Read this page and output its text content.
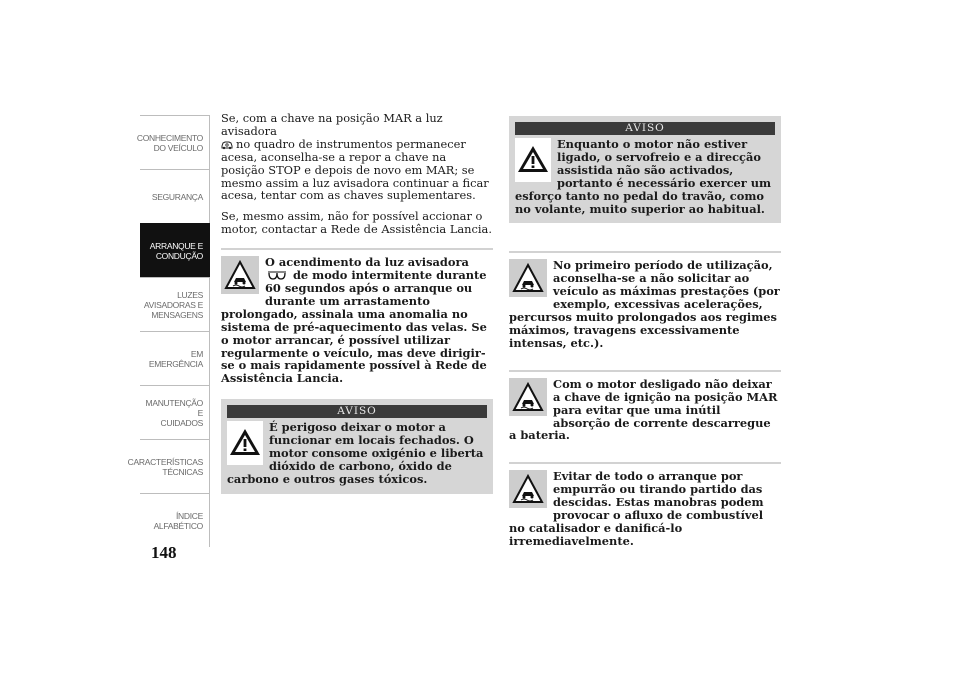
CONHECIMENTO
DO VEÍCULO
SEGURANÇA
ARRANQUE E
CONDUÇÃO
LUZES
AVISADORAS E
MENSAGENS
EM EMERGÊNCIA
MANUTENÇÃO E
CUIDADOS
CARACTERÍSTICAS
TÉCNICAS
ÍNDICE
ALFABÉTICO
148

Se, com a chave na posição MAR a luz avisadora
no quadro de instrumentos permanecer acesa, aconselha-se a repor a chave na posição STOP e depois de novo em MAR; se mesmo assim a luz avisadora continuar a ficar acesa, tentar com as chaves suplementares.

Se, mesmo assim, não for possível accionar o motor, contactar a Rede de Assistência Lancia.

O acendimento da luz avisadora  de modo intermitente durante 60 segundos após o arranque ou durante um arrastamento prolongado, assinala uma anomalia no sistema de pré-aquecimento das velas. Se o motor arrancar, é possível utilizar regularmente o veículo, mas deve dirigir-se o mais rapidamente possível à Rede de Assistência Lancia.

AVISO

É perigoso deixar o motor a funcionar em locais fechados. O motor consome oxigénio e liberta dióxido de carbono, óxido de carbono e outros gases tóxicos.

AVISO

Enquanto o motor não estiver ligado, o servofreio e a direcção assistida não são activados, portanto é necessário exercer um esforço tanto no pedal do travão, como no volante, muito superior ao habitual.

No primeiro período de utilização, aconselha-se a não solicitar ao veículo as máximas prestações (por exemplo, excessivas acelerações, percursos muito prolongados aos regimes máximos, travagens excessivamente intensas, etc.).

Com o motor desligado não deixar a chave de ignição na posição MAR para evitar que uma inútil absorção de corrente descarregue a bateria.

Evitar de todo o arranque por empurrão ou tirando partido das descidas. Estas manobras podem provocar o afluxo de combustível no catalisador e danificá-lo irremediavelmente.
